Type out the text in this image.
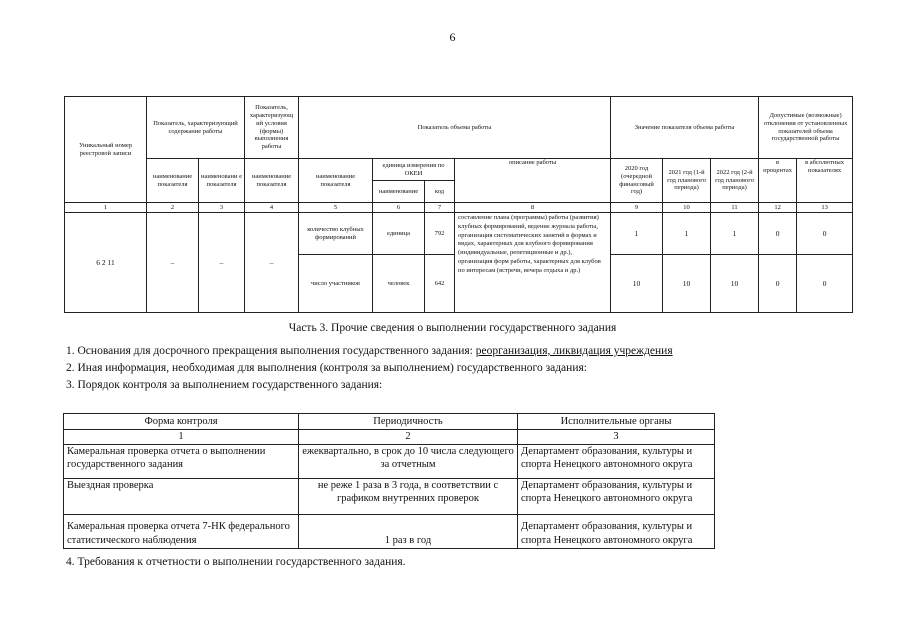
6
Уникальный номер реестровой записи	Показатель, характеризующий содержание работы		Показатель, характеризующ ий условия (формы) выполнения работы	Показатель объема работы				Значение показателя объема работы			Допустимые (возможные) отклонения от установленных показателей объема государственной работы	
	наименование показателя	наименовани е показателя	наименование показателя	наименование показателя	единица измерения по ОКЕИ		описание работы	2020 год (очередной финансовый год)	2021 год (1-й год планового периода)	2022 год (2-й год планового периода)	в процентах	в абсолютных показателях
					наименование	код						
1	2	3	4	5	6	7	8	9	10	11	12	13
6 2 11	–	–	–	количество клубных формирований	единица	792	составление плана (программы) работы (развития) клубных формирований, ведение журнала работы, организация систематических занятий в формах и видах, характерных для клубного формирования (индивидуальные, репетиционные и др.), организация форм работы, характерных для клубов по интересам (встречи, вечера отдыха и др.)	1	1	1	0	0
				число участников	человек	642		10	10	10	0	0
Часть 3. Прочие сведения о выполнении государственного задания
1. Основания для досрочного прекращения выполнения государственного задания: реорганизация, ликвидация учреждения
2. Иная информация, необходимая для выполнения (контроля за выполнением) государственного задания:
3. Порядок контроля за выполнением государственного задания:
Форма контроля	Периодичность	Исполнительные органы
1	2	3
Камеральная проверка отчета о выполнении государственного задания	ежеквартально, в срок до 10 числа следующего за отчетным	Департамент образования, культуры и спорта Ненецкого автономного округа
Выездная проверка	не реже 1 раза в 3 года, в соответствии с графиком внутренних проверок	Департамент образования, культуры и спорта Ненецкого автономного округа
Камеральная проверка отчета 7-НК федерального статистического наблюдения	1 раз в год	Департамент образования, культуры и спорта Ненецкого автономного округа
4. Требования к отчетности о выполнении государственного задания.
